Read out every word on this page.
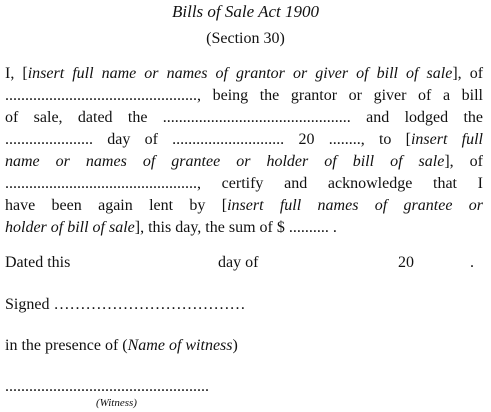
Bills of Sale Act 1900
(Section 30)
I, [insert full name or names of grantor or giver of bill of sale], of
................................................, being the grantor or giver of a bill
of sale, dated the ............................................... and lodged the
...................... day of ............................ 20 ........, to [insert full
name or names of grantee or holder of bill of sale], of
................................................, certify and acknowledge that I
have been again lent by [insert full names of grantee or
holder of bill of sale], this day, the sum of $ .......... .
Dated this	day of	20	.
Signed ………………………………
in the presence of (Name of witness)
...................................................
(Witness)
